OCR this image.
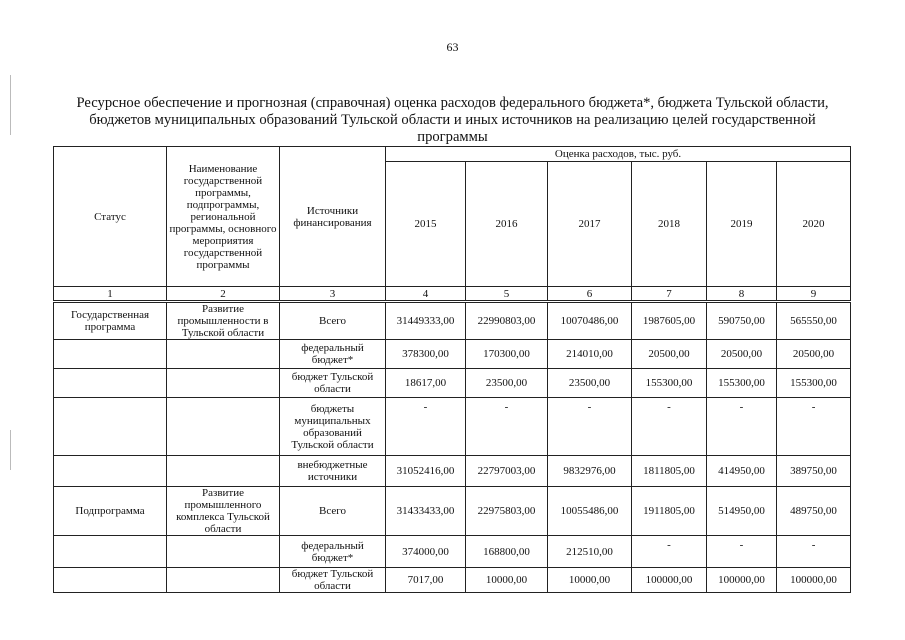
63
Ресурсное обеспечение и прогнозная (справочная) оценка расходов федерального бюджета*, бюджета Тульской области, бюджетов муниципальных образований Тульской области и иных источников на реализацию целей государственной программы
Статус	Наименование государственной программы, подпрограммы, региональной программы, основного мероприятия государственной программы	Источники финансирования	Оценка расходов, тыс. руб.					
			2015	2016	2017	2018	2019	2020
1	2	3	4	5	6	7	8	9
Государственная программа	Развитие промышленности в Тульской области	Всего	31449333,00	22990803,00	10070486,00	1987605,00	590750,00	565550,00
		федеральный бюджет*	378300,00	170300,00	214010,00	20500,00	20500,00	20500,00
		бюджет Тульской области	18617,00	23500,00	23500,00	155300,00	155300,00	155300,00
		бюджеты муниципальных образований Тульской области	-	-	-	-	-	-
		внебюджетные источники	31052416,00	22797003,00	9832976,00	1811805,00	414950,00	389750,00
Подпрограмма	Развитие промышленного комплекса Тульской области	Всего	31433433,00	22975803,00	10055486,00	1911805,00	514950,00	489750,00
		федеральный бюджет*	374000,00	168800,00	212510,00	-	-	-
		бюджет Тульской области	7017,00	10000,00	10000,00	100000,00	100000,00	100000,00
